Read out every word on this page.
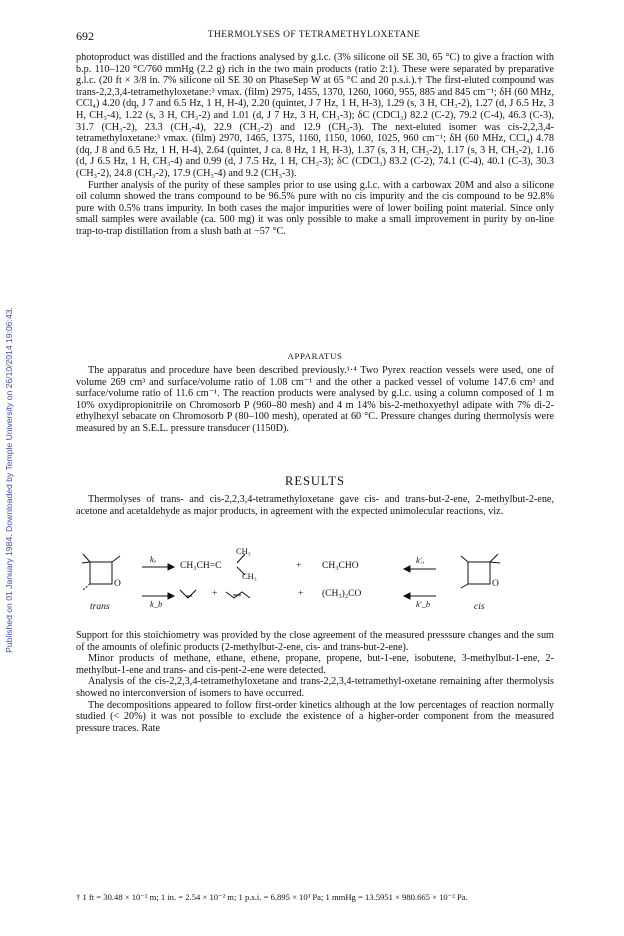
Published on 01 January 1984. Downloaded by Temple University on 26/10/2014 19:06:43.
692	THERMOLYSES OF TETRAMETHYLOXETANE

photoproduct was distilled and the fractions analysed by g.l.c. (3% silicone oil SE 30, 65 °C) to give a fraction with b.p. 110–120 °C/760 mmHg (2.2 g) rich in the two main products (ratio 2:1). These were separated by preparative g.l.c. (20 ft × 3/8 in. 7% silicone oil SE 30 on PhaseSep W at 65 °C and 20 p.s.i.).† The first-eluted compound was trans-2,2,3,4-tetramethyloxetane:³ νmax. (film) 2975, 1455, 1370, 1260, 1060, 955, 885 and 845 cm⁻¹; δH (60 MHz, CCl₄) 4.20 (dq, J 7 and 6.5 Hz, 1 H, H-4), 2.20 (quintet, J 7 Hz, 1 H, H-3), 1.29 (s, 3 H, CH₃-2), 1.27 (d, J 6.5 Hz, 3 H, CH₃-4), 1.22 (s, 3 H, CH₃-2) and 1.01 (d, J 7 Hz, 3 H, CH₃-3); δC (CDCl₃) 82.2 (C-2), 79.2 (C-4), 46.3 (C-3), 31.7 (CH₃-2), 23.3 (CH₃-4), 22.9 (CH₃-2) and 12.9 (CH₃-3). The next-eluted isomer was cis-2,2,3,4-tetramethyloxetane:³ νmax. (film) 2970, 1465, 1375, 1160, 1150, 1060, 1025, 960 cm⁻¹; δH (60 MHz, CCl₄) 4.78 (dq, J 8 and 6.5 Hz, 1 H, H-4), 2.64 (quintet, J ca. 8 Hz, 1 H, H-3), 1.37 (s, 3 H, CH₃-2), 1.17 (s, 3 H, CH₃-2), 1.16 (d, J 6.5 Hz, 1 H, CH₃-4) and 0.99 (d, J 7.5 Hz, 1 H, CH₃-3); δC (CDCl₃) 83.2 (C-2), 74.1 (C-4), 40.1 (C-3), 30.3 (CH₃-2), 24.8 (CH₃-2), 17.9 (CH₃-4) and 9.2 (CH₃-3).

Further analysis of the purity of these samples prior to use using g.l.c. with a carbowax 20M and also a silicone oil column showed the trans compound to be 96.5% pure with no cis impurity and the cis compound to be 92.8% pure with 0.5% trans impurity. In both cases the major impurities were of lower boiling point material. Since only small samples were available (ca. 500 mg) it was only possible to make a small improvement in purity by on-line trap-to-trap distillation from a slush bath at −57 °C.

APPARATUS
The apparatus and procedure have been described previously.¹·⁴ Two Pyrex reaction vessels were used, one of volume 269 cm³ and surface/volume ratio of 1.08 cm⁻¹ and the other a packed vessel of volume 147.6 cm³ and surface/volume ratio of 11.6 cm⁻¹. The reaction products were analysed by g.l.c. using a column composed of 1 m 10% oxydipropionitrile on Chromosorb P (960–80 mesh) and 4 m 14% bis-2-methoxyethyl adipate with 7% di-2-ethylhexyl sebacate on Chromosorb P (80–100 mesh), operated at 60 °C. Pressure changes during thermolysis were measured by an S.E.L. pressure transducer (1150D).
RESULTS
Thermolyses of trans- and cis-2,2,3,4-tetramethyloxetane gave cis- and trans-but-2-ene, 2-methylbut-2-ene, acetone and acetaldehyde as major products, in agreement with the expected unimolecular reactions, viz.
O
trans
kₐ
k_b
CH₃
CH₃CH=C
CH₃
+ CH₃CHO
+	+ (CH₃)₂CO
k′ₐ
k′_b
O
cis

Support for this stoichiometry was provided by the close agreement of the measured presssure changes and the sum of the amounts of olefinic products (2-methylbut-2-ene, cis- and trans-but-2-ene).

Minor products of methane, ethane, ethene, propane, propene, but-1-ene, isobutene, 3-methylbut-1-ene, 2-methylbut-1-ene and trans- and cis-pent-2-ene were detected.

Analysis of the cis-2,2,3,4-tetramethyloxetane and trans-2,2,3,4-tetramethyl-oxetane remaining after thermolysis showed no interconversion of isomers to have occurred.

The decompositions appeared to follow first-order kinetics although at the low percentages of reaction normally studied (< 20%) it was not possible to exclude the existence of a higher-order component from the measured pressure traces. Rate

† 1 ft = 30.48 × 10⁻² m; 1 in. = 2.54 × 10⁻² m; 1 p.s.i. = 6.895 × 10³ Pa; 1 mmHg = 13.5951 × 980.665 × 10⁻² Pa.
